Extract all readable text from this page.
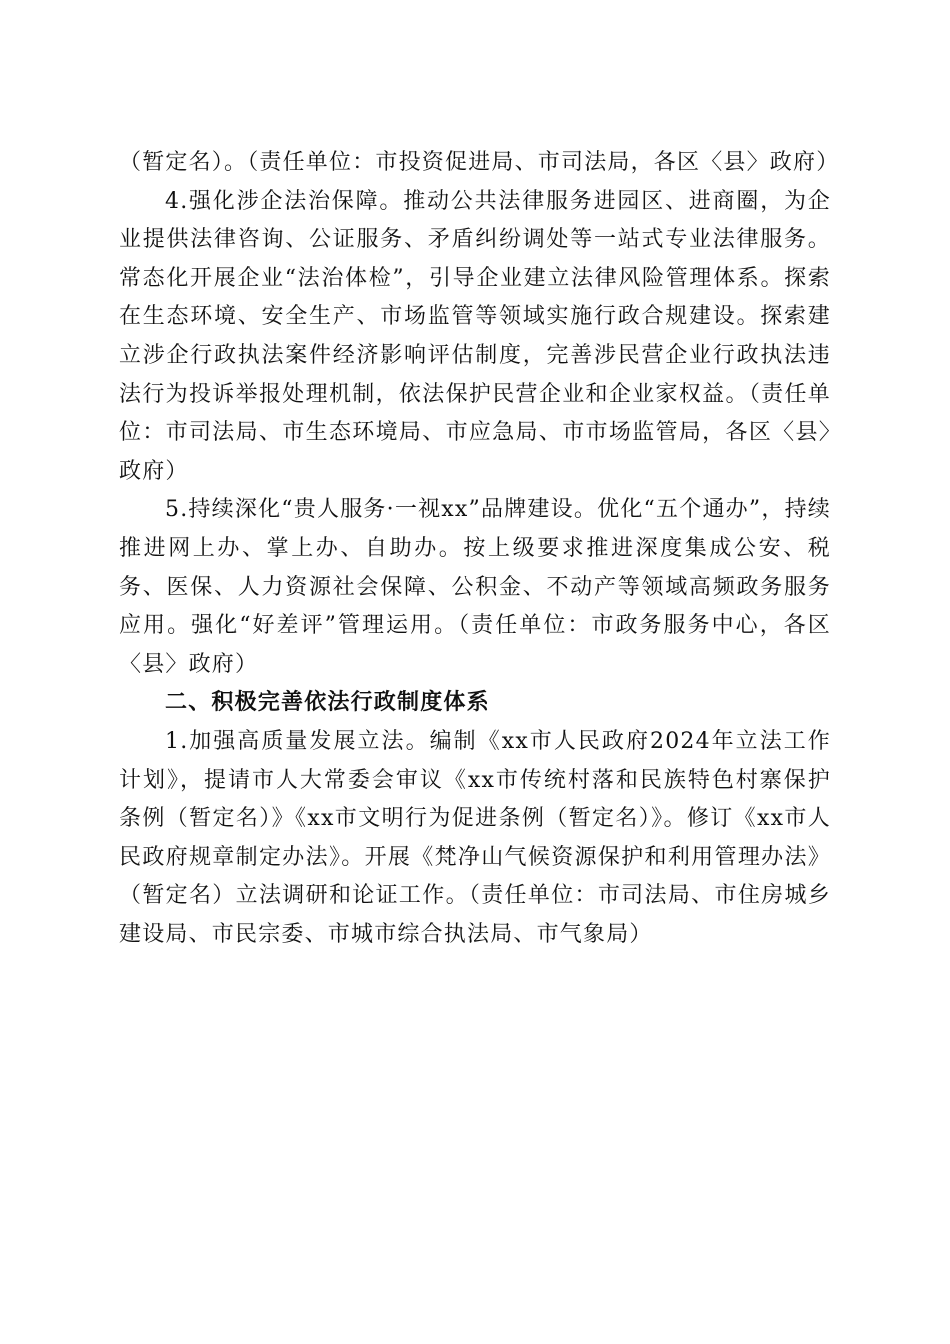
（暂定名）。（责任单位：市投资促进局、市司法局，各区〈县〉政府）

4.强化涉企法治保障。推动公共法律服务进园区、进商圈，为企业提供法律咨询、公证服务、矛盾纠纷调处等一站式专业法律服务。常态化开展企业“法治体检”，引导企业建立法律风险管理体系。探索在生态环境、安全生产、市场监管等领域实施行政合规建设。探索建立涉企行政执法案件经济影响评估制度，完善涉民营企业行政执法违法行为投诉举报处理机制，依法保护民营企业和企业家权益。（责任单位：市司法局、市生态环境局、市应急局、市市场监管局，各区〈县〉政府）

5.持续深化“贵人服务·一视xx”品牌建设。优化“五个通办”，持续推进网上办、掌上办、自助办。按上级要求推进深度集成公安、税务、医保、人力资源社会保障、公积金、不动产等领域高频政务服务应用。强化“好差评”管理运用。（责任单位：市政务服务中心，各区〈县〉政府）

二、积极完善依法行政制度体系

1.加强高质量发展立法。编制《xx市人民政府2024年立法工作计划》，提请市人大常委会审议《xx市传统村落和民族特色村寨保护条例（暂定名）》《xx市文明行为促进条例（暂定名）》。修订《xx市人民政府规章制定办法》。开展《梵净山气候资源保护和利用管理办法》（暂定名）立法调研和论证工作。（责任单位：市司法局、市住房城乡建设局、市民宗委、市城市综合执法局、市气象局）
